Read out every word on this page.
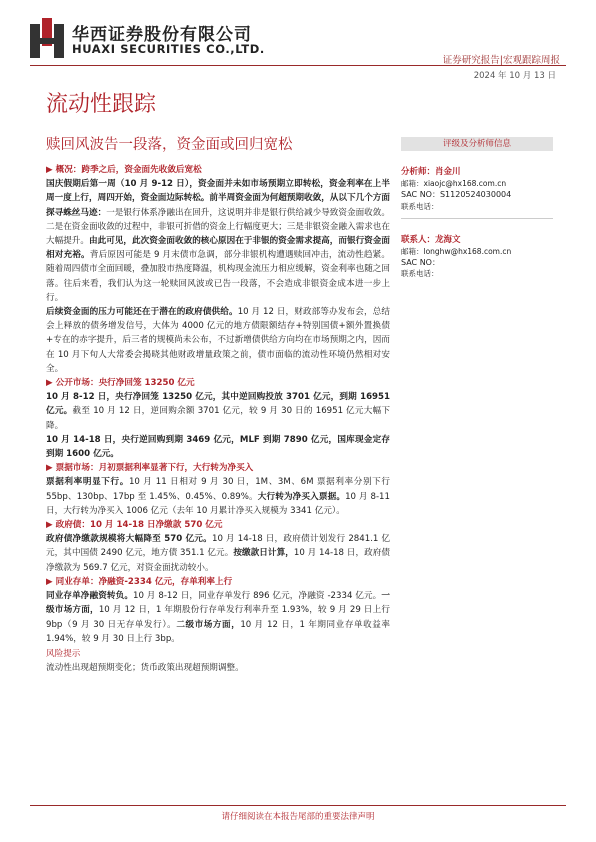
华西证券股份有限公司
HUAXI SECURITIES CO.,LTD.
证券研究报告|宏观跟踪周报
2024 年 10 月 13 日
流动性跟踪
赎回风波告一段落，资金面或回归宽松

▶ 概况：跨季之后，资金面先收敛后宽松

国庆假期后第一周（10 月 9-12 日），资金面并未如市场预期立即转松，资金利率在上半周一度上行，周四开始，资金面边际转松。前半周资金面为何超预期收敛，从以下几个方面探寻蛛丝马迹：一是银行体系净融出在回升，这说明并非是银行供给减少导致资金面收敛。二是在资金面收敛的过程中，非银可折借的资金上行幅度更大；三是非银资金融入需求也在大幅提升。由此可见，此次资金面收敛的核心原因在于非银的资金需求提高，而银行资金面相对充裕。背后原因可能是 9 月末债市急调，部分非银机构遭遇赎回冲击，流动性趋紧。随着周四债市全面回暖，叠加股市热度降温，机构现金流压力相应缓解，资金利率也随之回落。往后来看，我们认为这一轮赎回风波或已告一段落，不会造成非银资金成本进一步上行。

后续资金面的压力可能还在于潜在的政府债供给。10 月 12 日，财政部等办发布会，总结会上释放的债务增发信号，大体为 4000 亿元的地方债限额结存+特别国债+额外置换债+专在的赤字提升，后三者的规模尚未公布，不过新增债供给方向均在市场预期之内，因而在 10 月下旬人大常委会揭晓其他财政增量政策之前，债市面临的流动性环境仍然相对安全。

▶ 公开市场：央行净回笼 13250 亿元

10 月 8-12 日，央行净回笼 13250 亿元，其中逆回购投放 3701 亿元，到期 16951 亿元。截至 10 月 12 日，逆回购余额 3701 亿元，较 9 月 30 日的 16951 亿元大幅下降。

10 月 14-18 日，央行逆回购到期 3469 亿元，MLF 到期 7890 亿元，国库现金定存到期 1600 亿元。

▶ 票据市场：月初票据利率显著下行，大行转为净买入

票据利率明显下行。10 月 11 日相对 9 月 30 日，1M、3M、6M 票据利率分别下行 55bp、130bp、17bp 至 1.45%、0.45%、0.89%。大行转为净买入票据。10 月 8-11 日，大行转为净买入 1006 亿元（去年 10 月累计净买入规模为 3341 亿元）。

▶ 政府债：10 月 14-18 日净缴款 570 亿元

政府债净缴款规模将大幅降至 570 亿元。10 月 14-18 日，政府债计划发行 2841.1 亿元，其中国债 2490 亿元，地方债 351.1 亿元。按缴款日计算，10 月 14-18 日，政府债净缴款为 569.7 亿元，对资金面扰动较小。

▶ 同业存单：净融资-2334 亿元，存单利率上行

同业存单净融资转负。10 月 8-12 日，同业存单发行 896 亿元，净融资 -2334 亿元。一级市场方面，10 月 12 日，1 年期股份行存单发行利率升至 1.93%，较 9 月 29 日上行 9bp（9 月 30 日无存单发行）。二级市场方面，10 月 12 日，1 年期同业存单收益率 1.94%，较 9 月 30 日上行 3bp。

风险提示

流动性出现超预期变化；货币政策出现超预期调整。

评级及分析师信息
分析师：肖金川
邮箱：xiaojc@hx168.com.cn
SAC NO：S1120524030004
联系电话：
联系人：龙海文
邮箱：longhw@hx168.com.cn
SAC NO：
联系电话：
请仔细阅读在本报告尾部的重要法律声明
